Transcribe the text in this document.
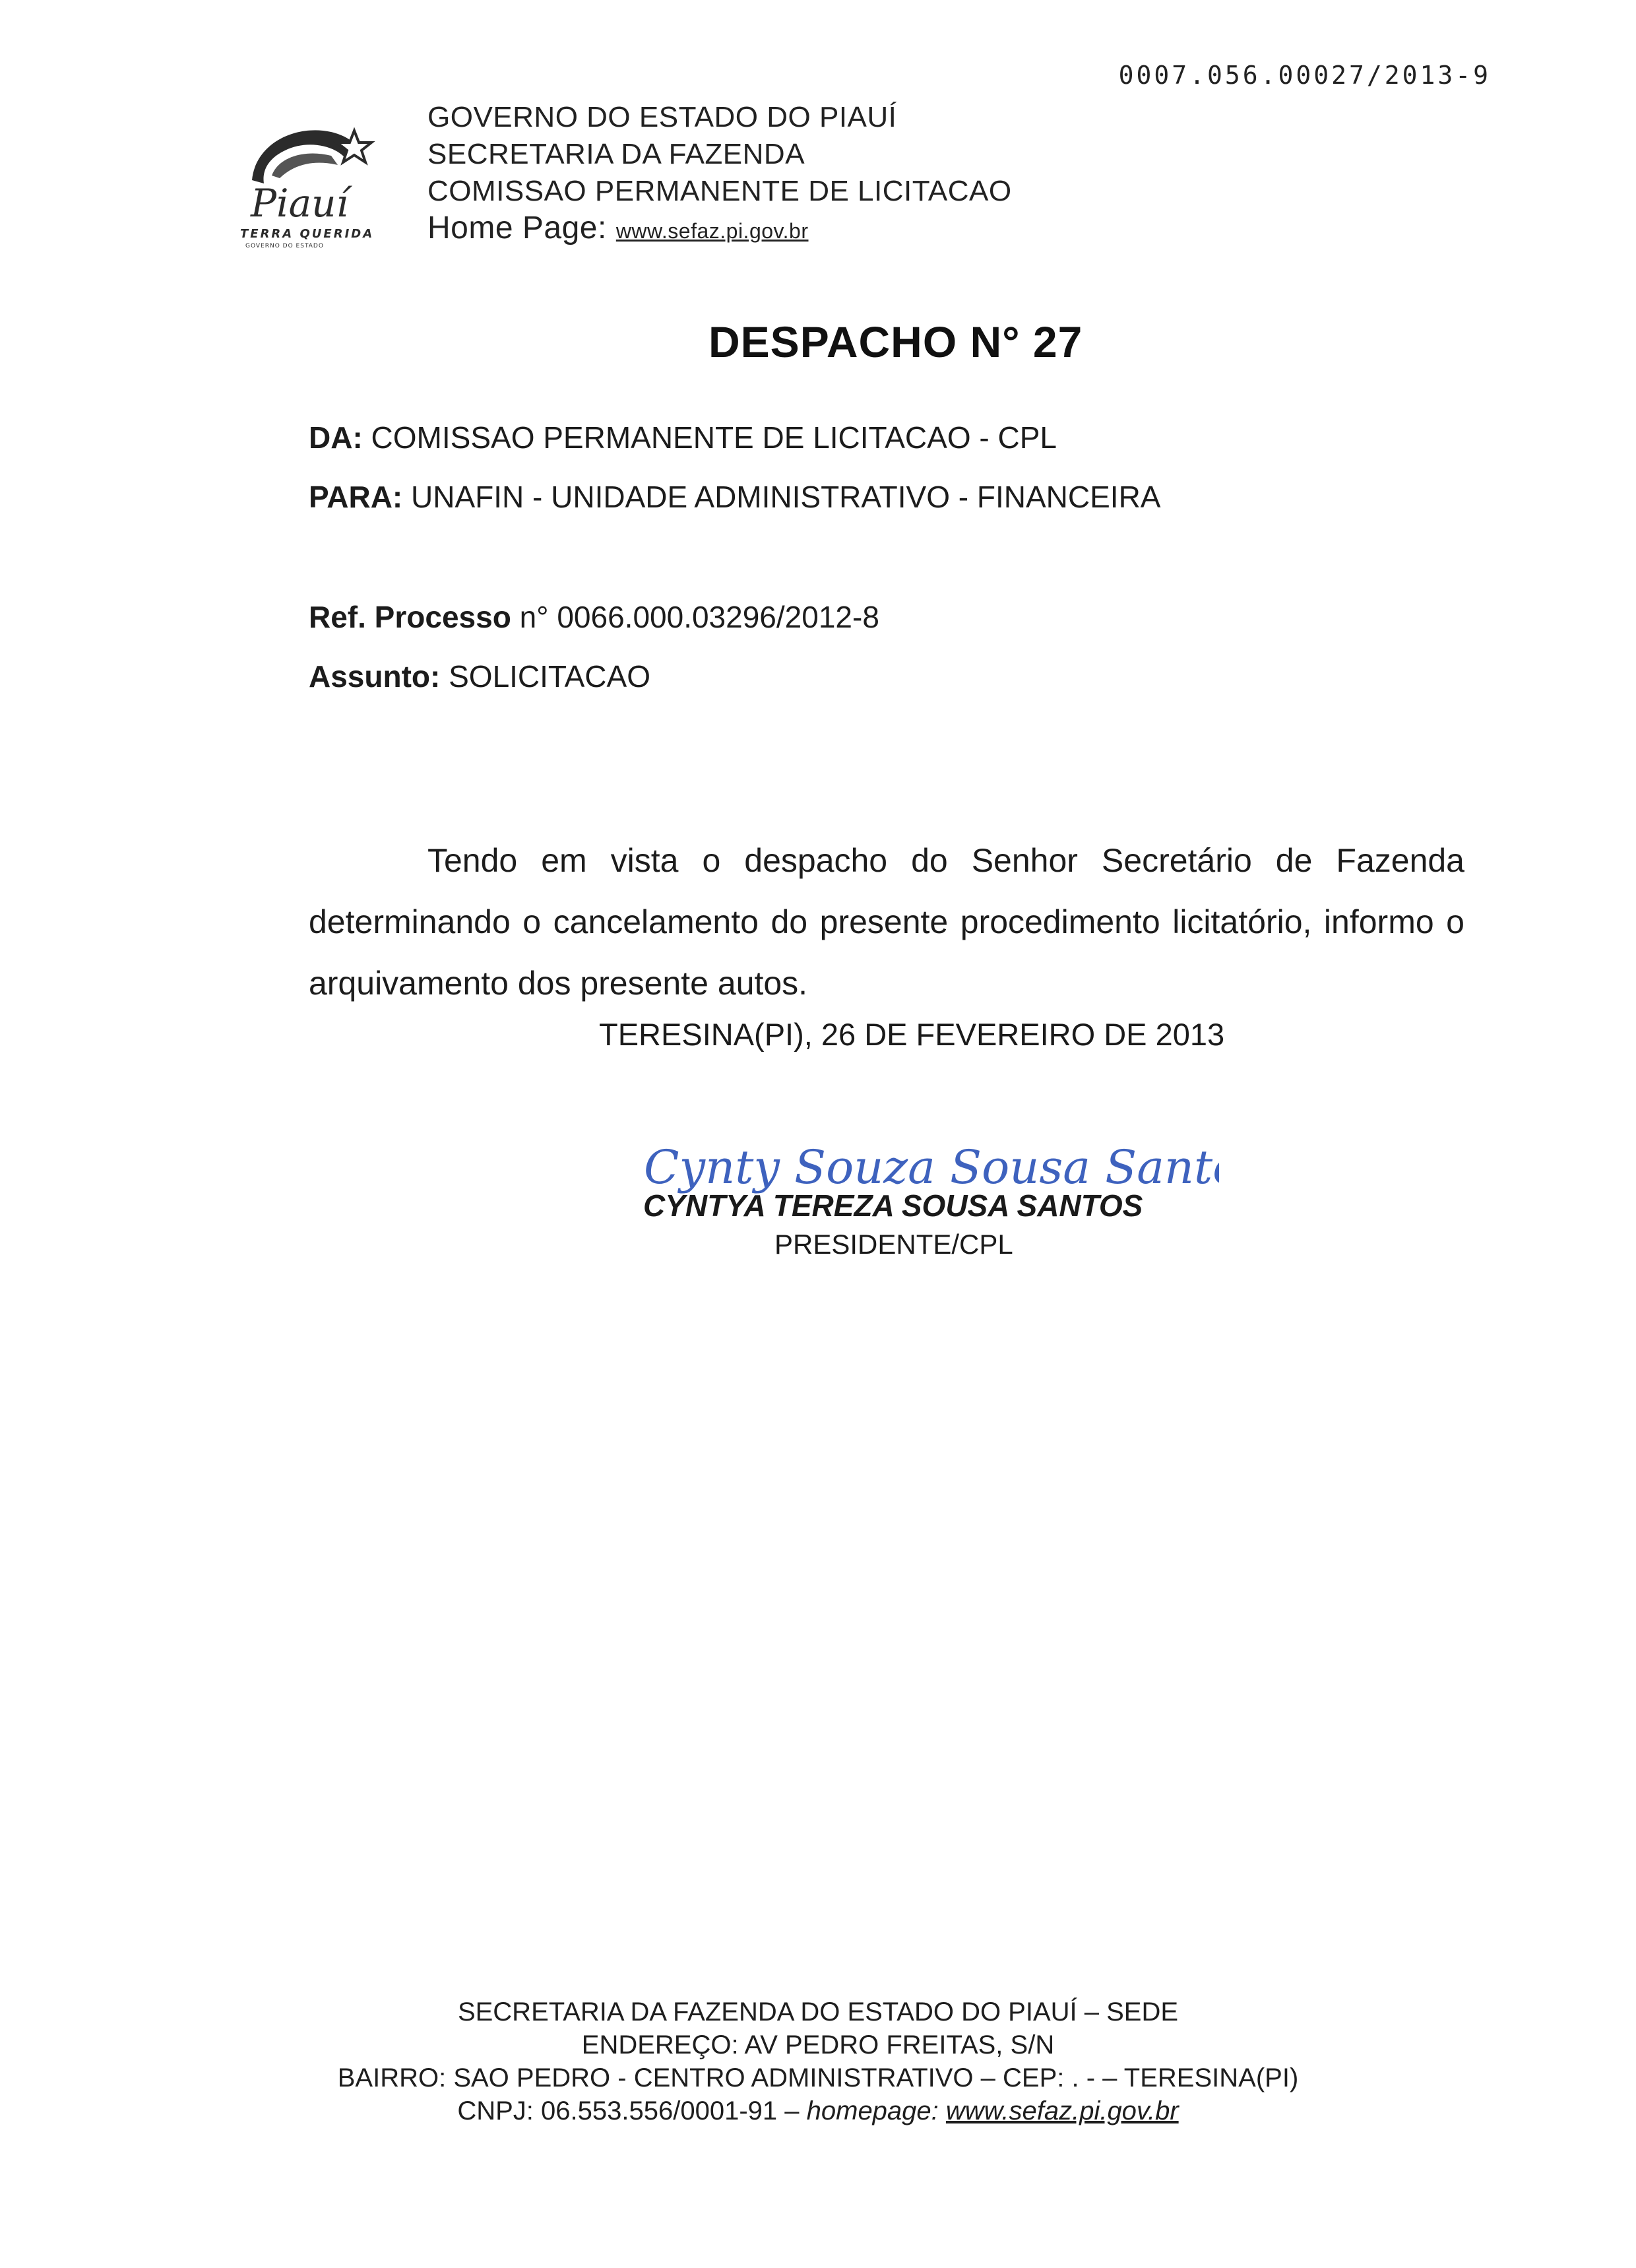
0007.056.00027/2013-9
Piauí
TERRA QUERIDA
GOVERNO DO ESTADO
GOVERNO DO ESTADO DO PIAUÍ
SECRETARIA DA FAZENDA
COMISSAO PERMANENTE DE LICITACAO
Home Page: www.sefaz.pi.gov.br
DESPACHO N° 27
DA: COMISSAO PERMANENTE DE LICITACAO - CPL
PARA: UNAFIN - UNIDADE ADMINISTRATIVO - FINANCEIRA
Ref. Processo n° 0066.000.03296/2012-8
Assunto: SOLICITACAO
Tendo em vista o despacho do Senhor Secretário de Fazenda determinando o cancelamento do presente procedimento licitatório, informo o arquivamento dos presente autos.
TERESINA(PI), 26 DE FEVEREIRO DE 2013
Cynty Souza Sousa Santos
CYNTYA TEREZA SOUSA SANTOS
PRESIDENTE/CPL
SECRETARIA DA FAZENDA DO ESTADO DO PIAUÍ – SEDE
ENDEREÇO: AV PEDRO FREITAS, S/N
BAIRRO: SAO PEDRO - CENTRO ADMINISTRATIVO – CEP: . - – TERESINA(PI)
CNPJ: 06.553.556/0001-91 – homepage: www.sefaz.pi.gov.br
